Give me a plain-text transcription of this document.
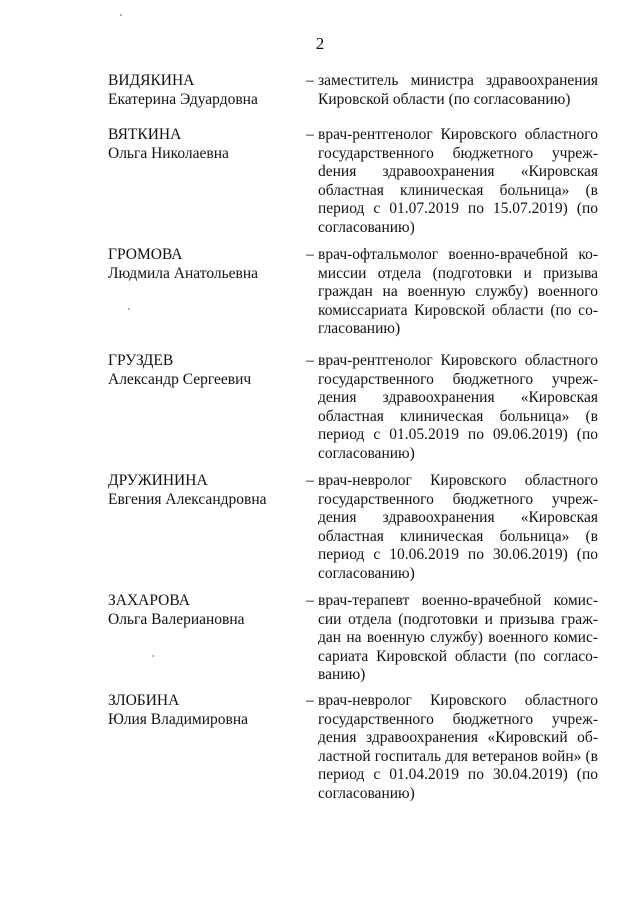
2
ВИДЯКИНА
Екатерина Эдуардовна
– заместитель министра здравоохранения Кировской области (по согласованию)
ВЯТКИНА
Ольга Николаевна
– врач-рентгенолог Кировского областного государственного бюджетного учрежdения здравоохранения «Кировская областная клиническая больница» (в период с 01.07.2019 по 15.07.2019) (по согласованию)
ГРОМОВА
Людмила Анатольевна
– врач-офтальмолог военно-врачебной комиссии отдела (подготовки и призыва граждан на военную службу) военного комиссариата Кировской области (по согласованию)
ГРУЗДЕВ
Александр Сергеевич
– врач-рентгенолог Кировского областного государственного бюджетного учреждения здравоохранения «Кировская областная клиническая больница» (в период с 01.05.2019 по 09.06.2019) (по согласованию)
ДРУЖИНИНА
Евгения Александровна
– врач-невролог Кировского областного государственного бюджетного учреждения здравоохранения «Кировская областная клиническая больница» (в период с 10.06.2019 по 30.06.2019) (по согласованию)
ЗАХАРОВА
Ольга Валериановна
– врач-терапевт военно-врачебной комиссии отдела (подготовки и призыва граждан на военную службу) военного комиссариата Кировской области (по согласованию)
ЗЛОБИНА
Юлия Владимировна
– врач-невролог Кировского областного государственного бюджетного учреждения здравоохранения «Кировский областной госпиталь для ветеранов войн» (в период с 01.04.2019 по 30.04.2019) (по согласованию)
